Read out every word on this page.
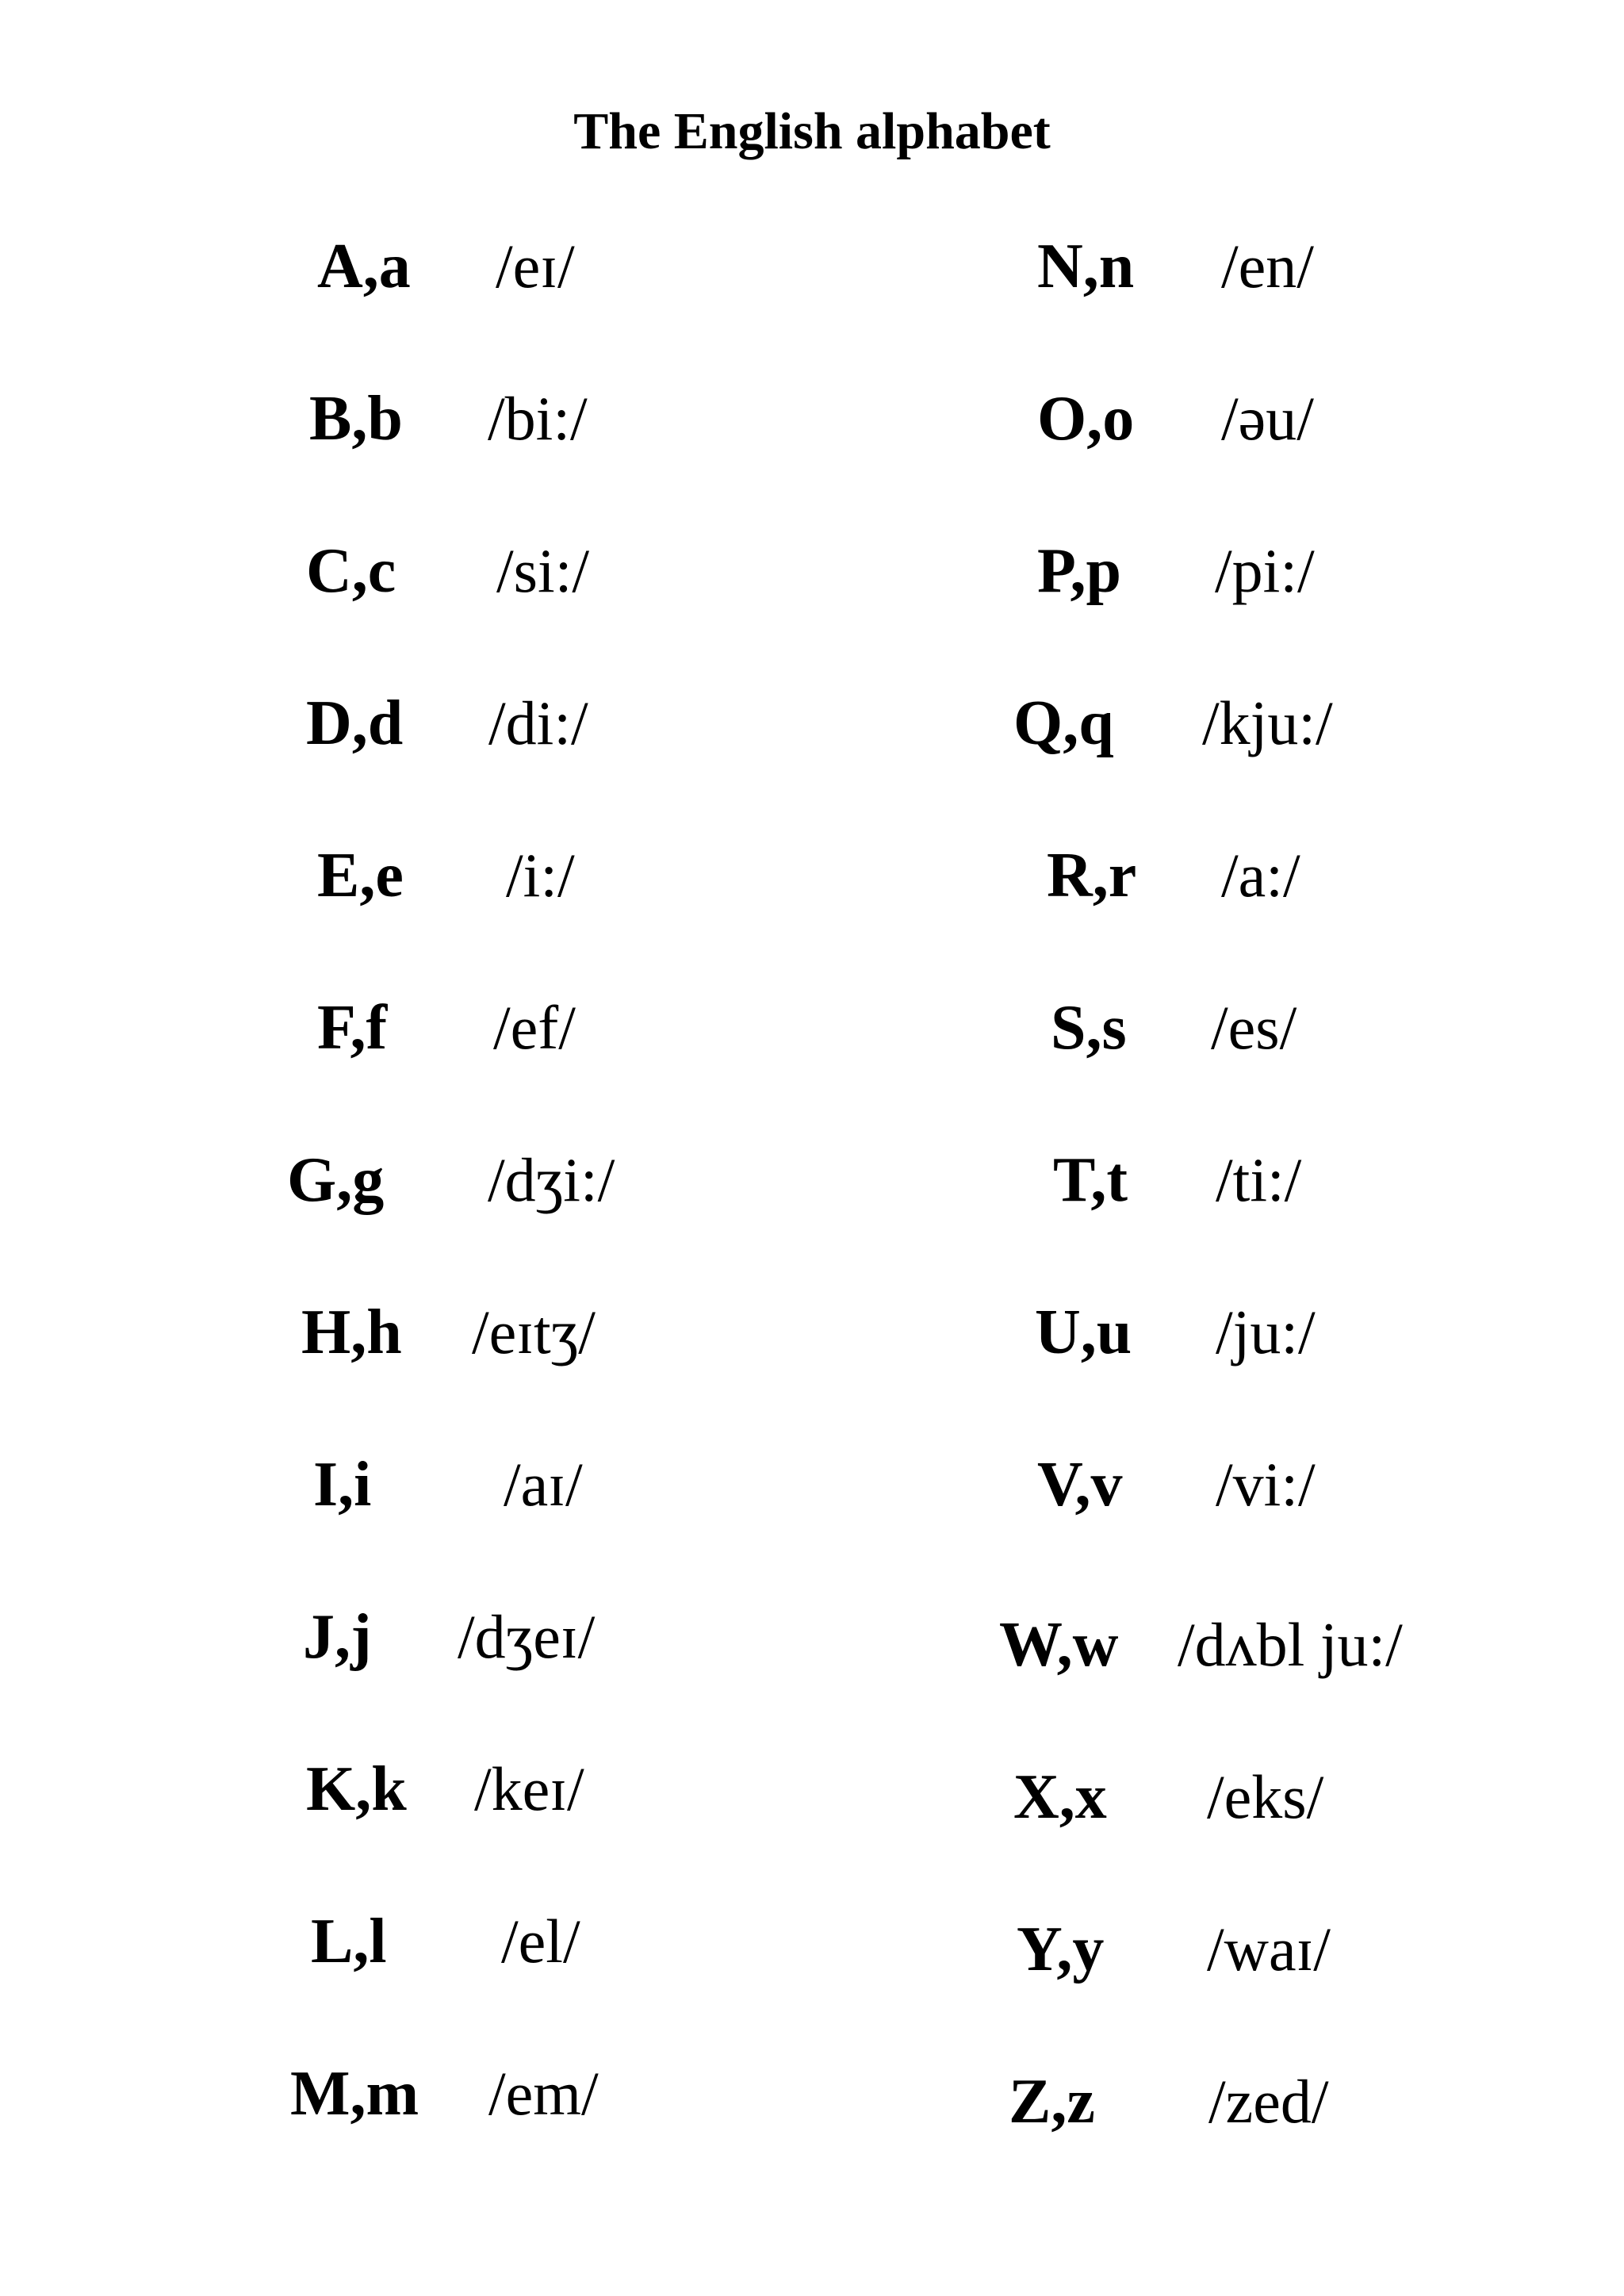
The English alphabet
A,a /eɪ/
B,b /bi:/
C,c /si:/
D,d /di:/
E,e /i:/
F,f /ef/
G,g /dʒi:/
H,h /eɪtʒ/
I,i /aɪ/
J,j /dʒeɪ/
K,k /keɪ/
L,l /el/
M,m /em/
N,n /en/
O,o /əu/
P,p /pi:/
Q,q /kju:/
R,r /a:/
S,s /es/
T,t /ti:/
U,u /ju:/
V,v /vi:/
W,w /dʌbl ju:/
X,x /eks/
Y,y /waɪ/
Z,z /zed/
